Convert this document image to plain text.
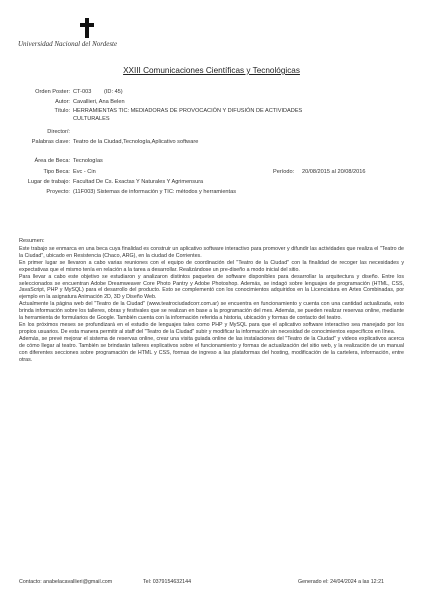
Universidad Nacional del Nordeste
XXIII Comunicaciones Científicas y Tecnológicas
Orden Poster: CT-003 (ID: 45)
Autor: Cavallieri, Ana Belen
Título: HERRAMIENTAS TIC: MEDIADORAS DE PROVOCACIÓN Y DIFUSIÓN DE ACTIVIDADES
CULTURALES
Director/:
Palabras clave: Teatro de la Ciudad,Tecnología,Aplicativo software
Área de Beca: Tecnologías
Tipo Beca: Evc - Cin	Período: 20/08/2015 al 20/08/2016
Lugar de trabajo: Facultad De Cs. Exactas Y Naturales Y Agrimensura
Proyecto: (11F003) Sistemas de información y TIC: métodos y herramientas
Resumen:

Este trabajo se enmarca en una beca cuya finalidad es construir un aplicativo software interactivo para promover y difundir las actividades que realiza el "Teatro de la Ciudad", ubicado en Resistencia (Chaco, ARG), en la ciudad de Corrientes.

En primer lugar se llevaron a cabo varias reuniones con el equipo de coordinación del "Teatro de la Ciudad" con la finalidad de recoger las necesidades y expectativas que el mismo tenía en relación a la tarea a desarrollar. Realizándose un pre-diseño a modo inicial del sitio.

Para llevar a cabo este objetivo se estudiaron y analizaron distintos paquetes de software disponibles para desarrollar la arquitectura y diseño. Entre los seleccionados se encuentran Adobe Dreamweaver Core Photo Pantry y Adobe Photoshop. Además, se indagó sobre lenguajes de programación (HTML, CSS, JavaScript, PHP y MySQL) para el desarrollo del producto. Esto se complementó con los conocimientos adquiridos en la Licenciatura en Artes Combinadas, por ejemplo en la asignatura Animación 2D, 3D y Diseño Web.

Actualmente la página web del "Teatro de la Ciudad" (www.teatrociudadcorr.com.ar) se encuentra en funcionamiento y cuenta con una cantidad actualizada, esto brinda información sobre los talleres, obras y festivales que se realizan en base a la programación del mes. Además, se pueden realizar reservas online, mediante la herramienta de formularios de Google. También cuenta con la información referida a historia, ubicación y formas de contacto del teatro.

En los próximos meses se profundizará en el estudio de lenguajes tales como PHP y MySQL para que el aplicativo software interactivo sea manejado por los propios usuarios. De esta manera permitir al staff del "Teatro de la Ciudad" subir y modificar la información sin necesidad de conocimientos específicos en línea.

Además, se prevé mejorar el sistema de reservas online, crear una visita guiada online de las instalaciones del "Teatro de la Ciudad" y videos explicativos acerca de cómo llegar al teatro. También se brindarán talleres explicativos sobre el funcionamiento y formas de actualización del sitio web, y la realización de un manual con diferentes secciones sobre programación de HTML y CSS, formas de ingreso a las plataformas del hosting, modificación de la cartelera, información, entre otras.

Contacto: anabelacavallieri@gmail.com	Tel: 0379154632144	Generado el: 24/04/2024 a las 12:21
